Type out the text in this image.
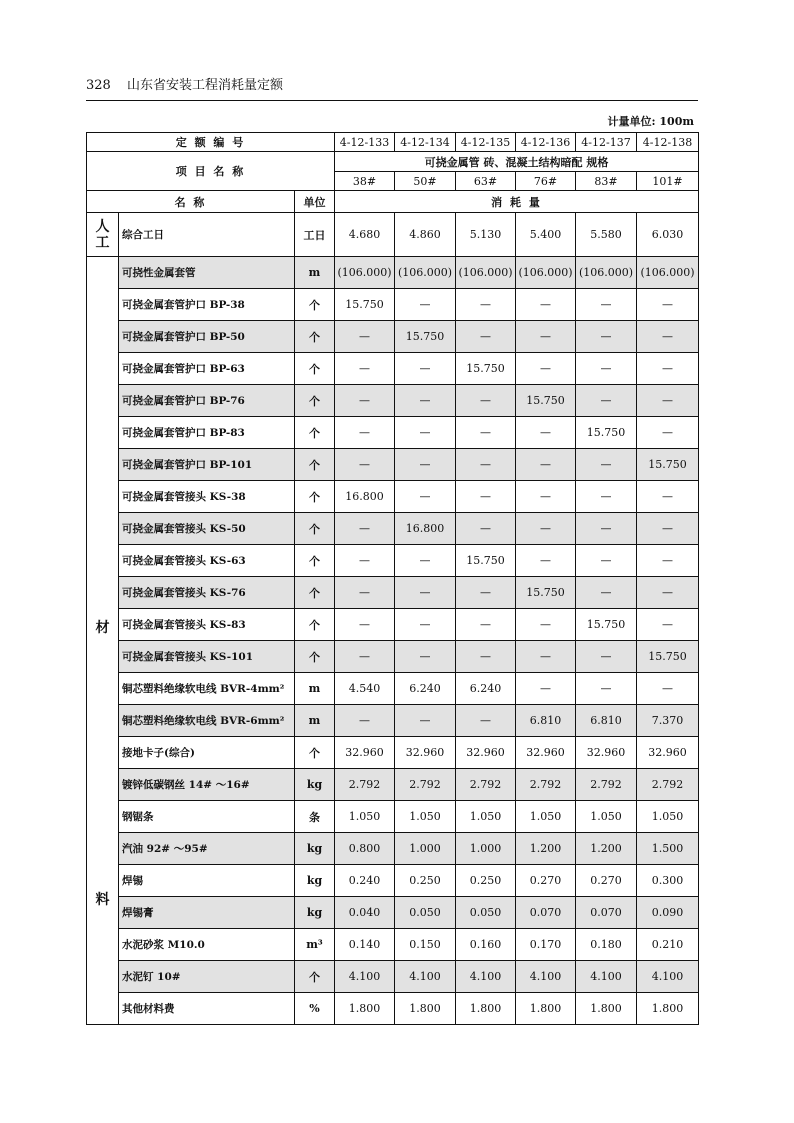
328 山东省安装工程消耗量定额
计量单位: 100m
定 额 编 号			4-12-133	4-12-134	4-12-135	4-12-136	4-12-137	4-12-138
项 目 名 称			可挠金属管 砖、混凝土结构暗配 规格					
			38#	50#	63#	76#	83#	101#
名 称		单位	消 耗 量					

人
工	综合工日	工日	4.680	4.860	5.130	5.400	5.580	6.030

材
料	可挠性金属套管	m	(106.000)	(106.000)	(106.000)	(106.000)	(106.000)	(106.000)
	可挠金属套管护口 BP-38	个	15.750	—	—	—	—	—
	可挠金属套管护口 BP-50	个	—	15.750	—	—	—	—
	可挠金属套管护口 BP-63	个	—	—	15.750	—	—	—
	可挠金属套管护口 BP-76	个	—	—	—	15.750	—	—
	可挠金属套管护口 BP-83	个	—	—	—	—	15.750	—
	可挠金属套管护口 BP-101	个	—	—	—	—	—	15.750
	可挠金属套管接头 KS-38	个	16.800	—	—	—	—	—
	可挠金属套管接头 KS-50	个	—	16.800	—	—	—	—
	可挠金属套管接头 KS-63	个	—	—	15.750	—	—	—
	可挠金属套管接头 KS-76	个	—	—	—	15.750	—	—
	可挠金属套管接头 KS-83	个	—	—	—	—	15.750	—
	可挠金属套管接头 KS-101	个	—	—	—	—	—	15.750
	铜芯塑料绝缘软电线 BVR-4mm²	m	4.540	6.240	6.240	—	—	—
	铜芯塑料绝缘软电线 BVR-6mm²	m	—	—	—	6.810	6.810	7.370
	接地卡子(综合)	个	32.960	32.960	32.960	32.960	32.960	32.960
	镀锌低碳钢丝 14# ～16#	kg	2.792	2.792	2.792	2.792	2.792	2.792
	钢锯条	条	1.050	1.050	1.050	1.050	1.050	1.050
	汽油 92# ～95#	kg	0.800	1.000	1.000	1.200	1.200	1.500
	焊锡	kg	0.240	0.250	0.250	0.270	0.270	0.300
	焊锡膏	kg	0.040	0.050	0.050	0.070	0.070	0.090
	水泥砂浆 M10.0	m³	0.140	0.150	0.160	0.170	0.180	0.210
	水泥钉 10#	个	4.100	4.100	4.100	4.100	4.100	4.100
	其他材料费	%	1.800	1.800	1.800	1.800	1.800	1.800
